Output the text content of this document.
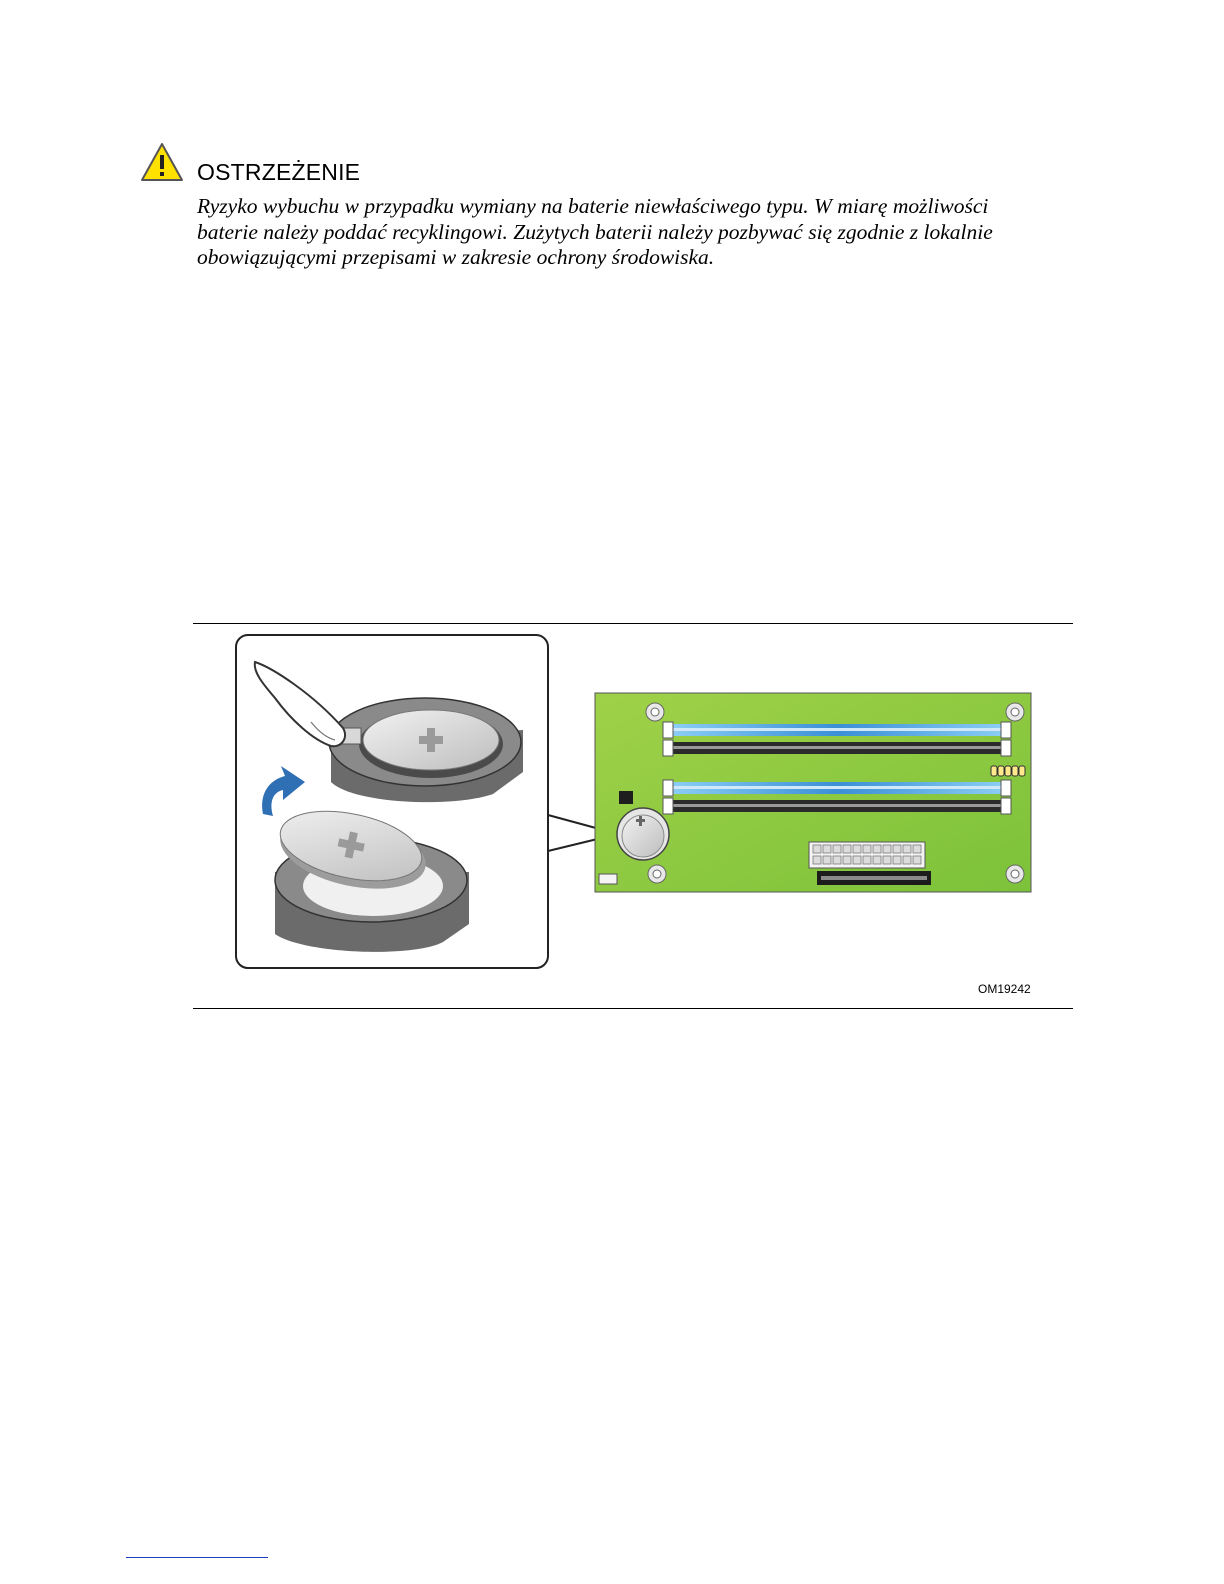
OSTRZEŻENIE
Ryzyko wybuchu w przypadku wymiany na baterie niewłaściwego typu. W miarę możliwości
baterie należy poddać recyklingowi. Zużytych baterii należy pozbywać się zgodnie z lokalnie
obowiązującymi przepisami w zakresie ochrony środowiska.
OM19242
